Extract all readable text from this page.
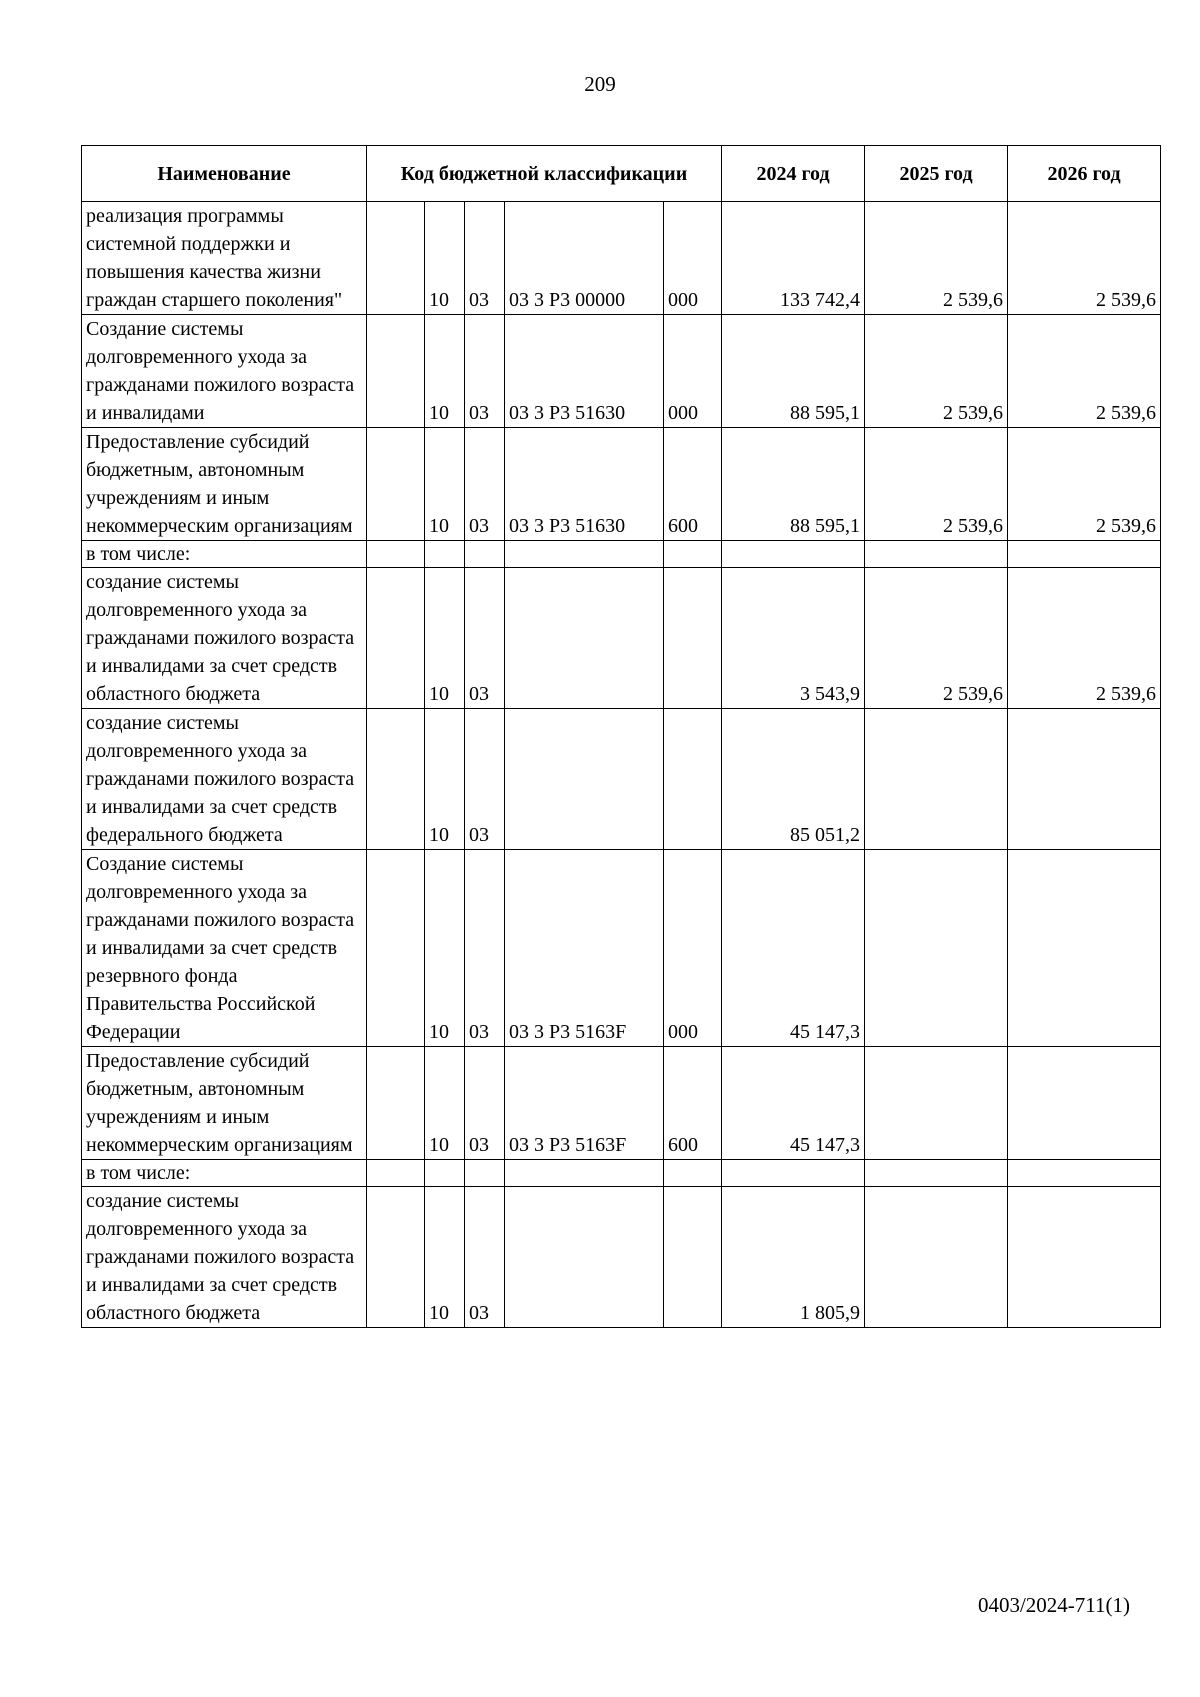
209
Наименование	Код бюджетной классификации					2024 год	2025 год	2026 год
реализация программы системной поддержки и повышения качества жизни граждан старшего поколения"		10	03	03 3 P3 00000	000	133 742,4	2 539,6	2 539,6
Создание системы долговременного ухода за гражданами пожилого возраста и инвалидами		10	03	03 3 P3 51630	000	88 595,1	2 539,6	2 539,6
Предоставление субсидий бюджетным, автономным учреждениям и иным некоммерческим организациям		10	03	03 3 P3 51630	600	88 595,1	2 539,6	2 539,6
в том числе:								
создание системы долговременного ухода за гражданами пожилого возраста и инвалидами за счет средств областного бюджета		10	03			3 543,9	2 539,6	2 539,6
создание системы долговременного ухода за гражданами пожилого возраста и инвалидами за счет средств федерального бюджета		10	03			85 051,2		
Создание системы долговременного ухода за гражданами пожилого возраста и инвалидами за счет средств резервного фонда Правительства Российской Федерации		10	03	03 3 P3 5163F	000	45 147,3		
Предоставление субсидий бюджетным, автономным учреждениям и иным некоммерческим организациям		10	03	03 3 P3 5163F	600	45 147,3		
в том числе:								
создание системы долговременного ухода за гражданами пожилого возраста и инвалидами за счет средств областного бюджета		10	03			1 805,9		
0403/2024-711(1)
